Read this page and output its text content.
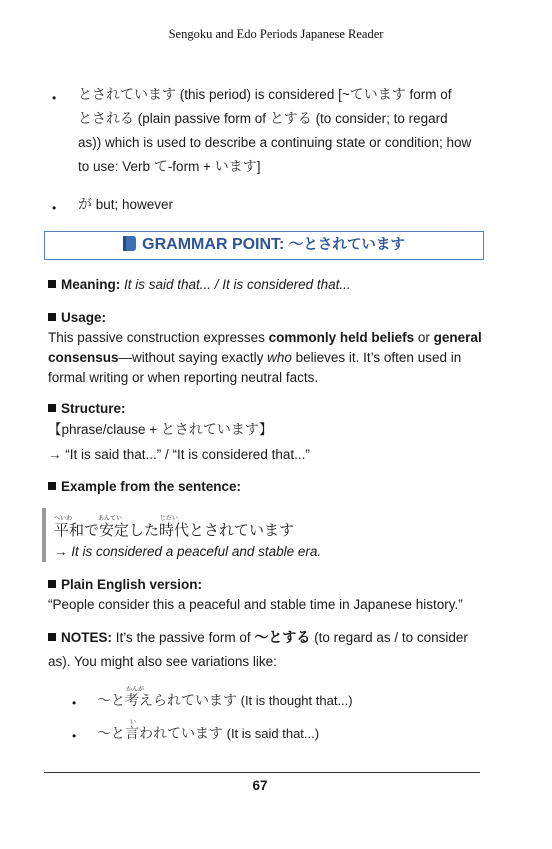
Sengoku and Edo Periods Japanese Reader
•	とされています (this period) is considered [~ています form of
とされる (plain passive form of とする (to consider; to regard
as)) which is used to describe a continuing state or condition; how
to use: Verb て-form + います]
•	が but; however
GRAMMAR POINT: 〜とされています
Meaning: It is said that... / It is considered that...
Usage:
This passive construction expresses commonly held beliefs or general
consensus—without saying exactly who believes it. It’s often used in
formal writing or when reporting neutral facts.
Structure:
【phrase/clause + とされています】
→ “It is said that...” / “It is considered that...”
Example from the sentence:
へいわ	あんてい	じだい
平和で安定した時代とされています
→ It is considered a peaceful and stable era.
Plain English version:
“People consider this a peaceful and stable time in Japanese history.”
NOTES: It’s the passive form of 〜とする (to regard as / to consider
as). You might also see variations like:
•
かんが
〜と考えられています (It is thought that...)
•
い
〜と言われています (It is said that...)
67
